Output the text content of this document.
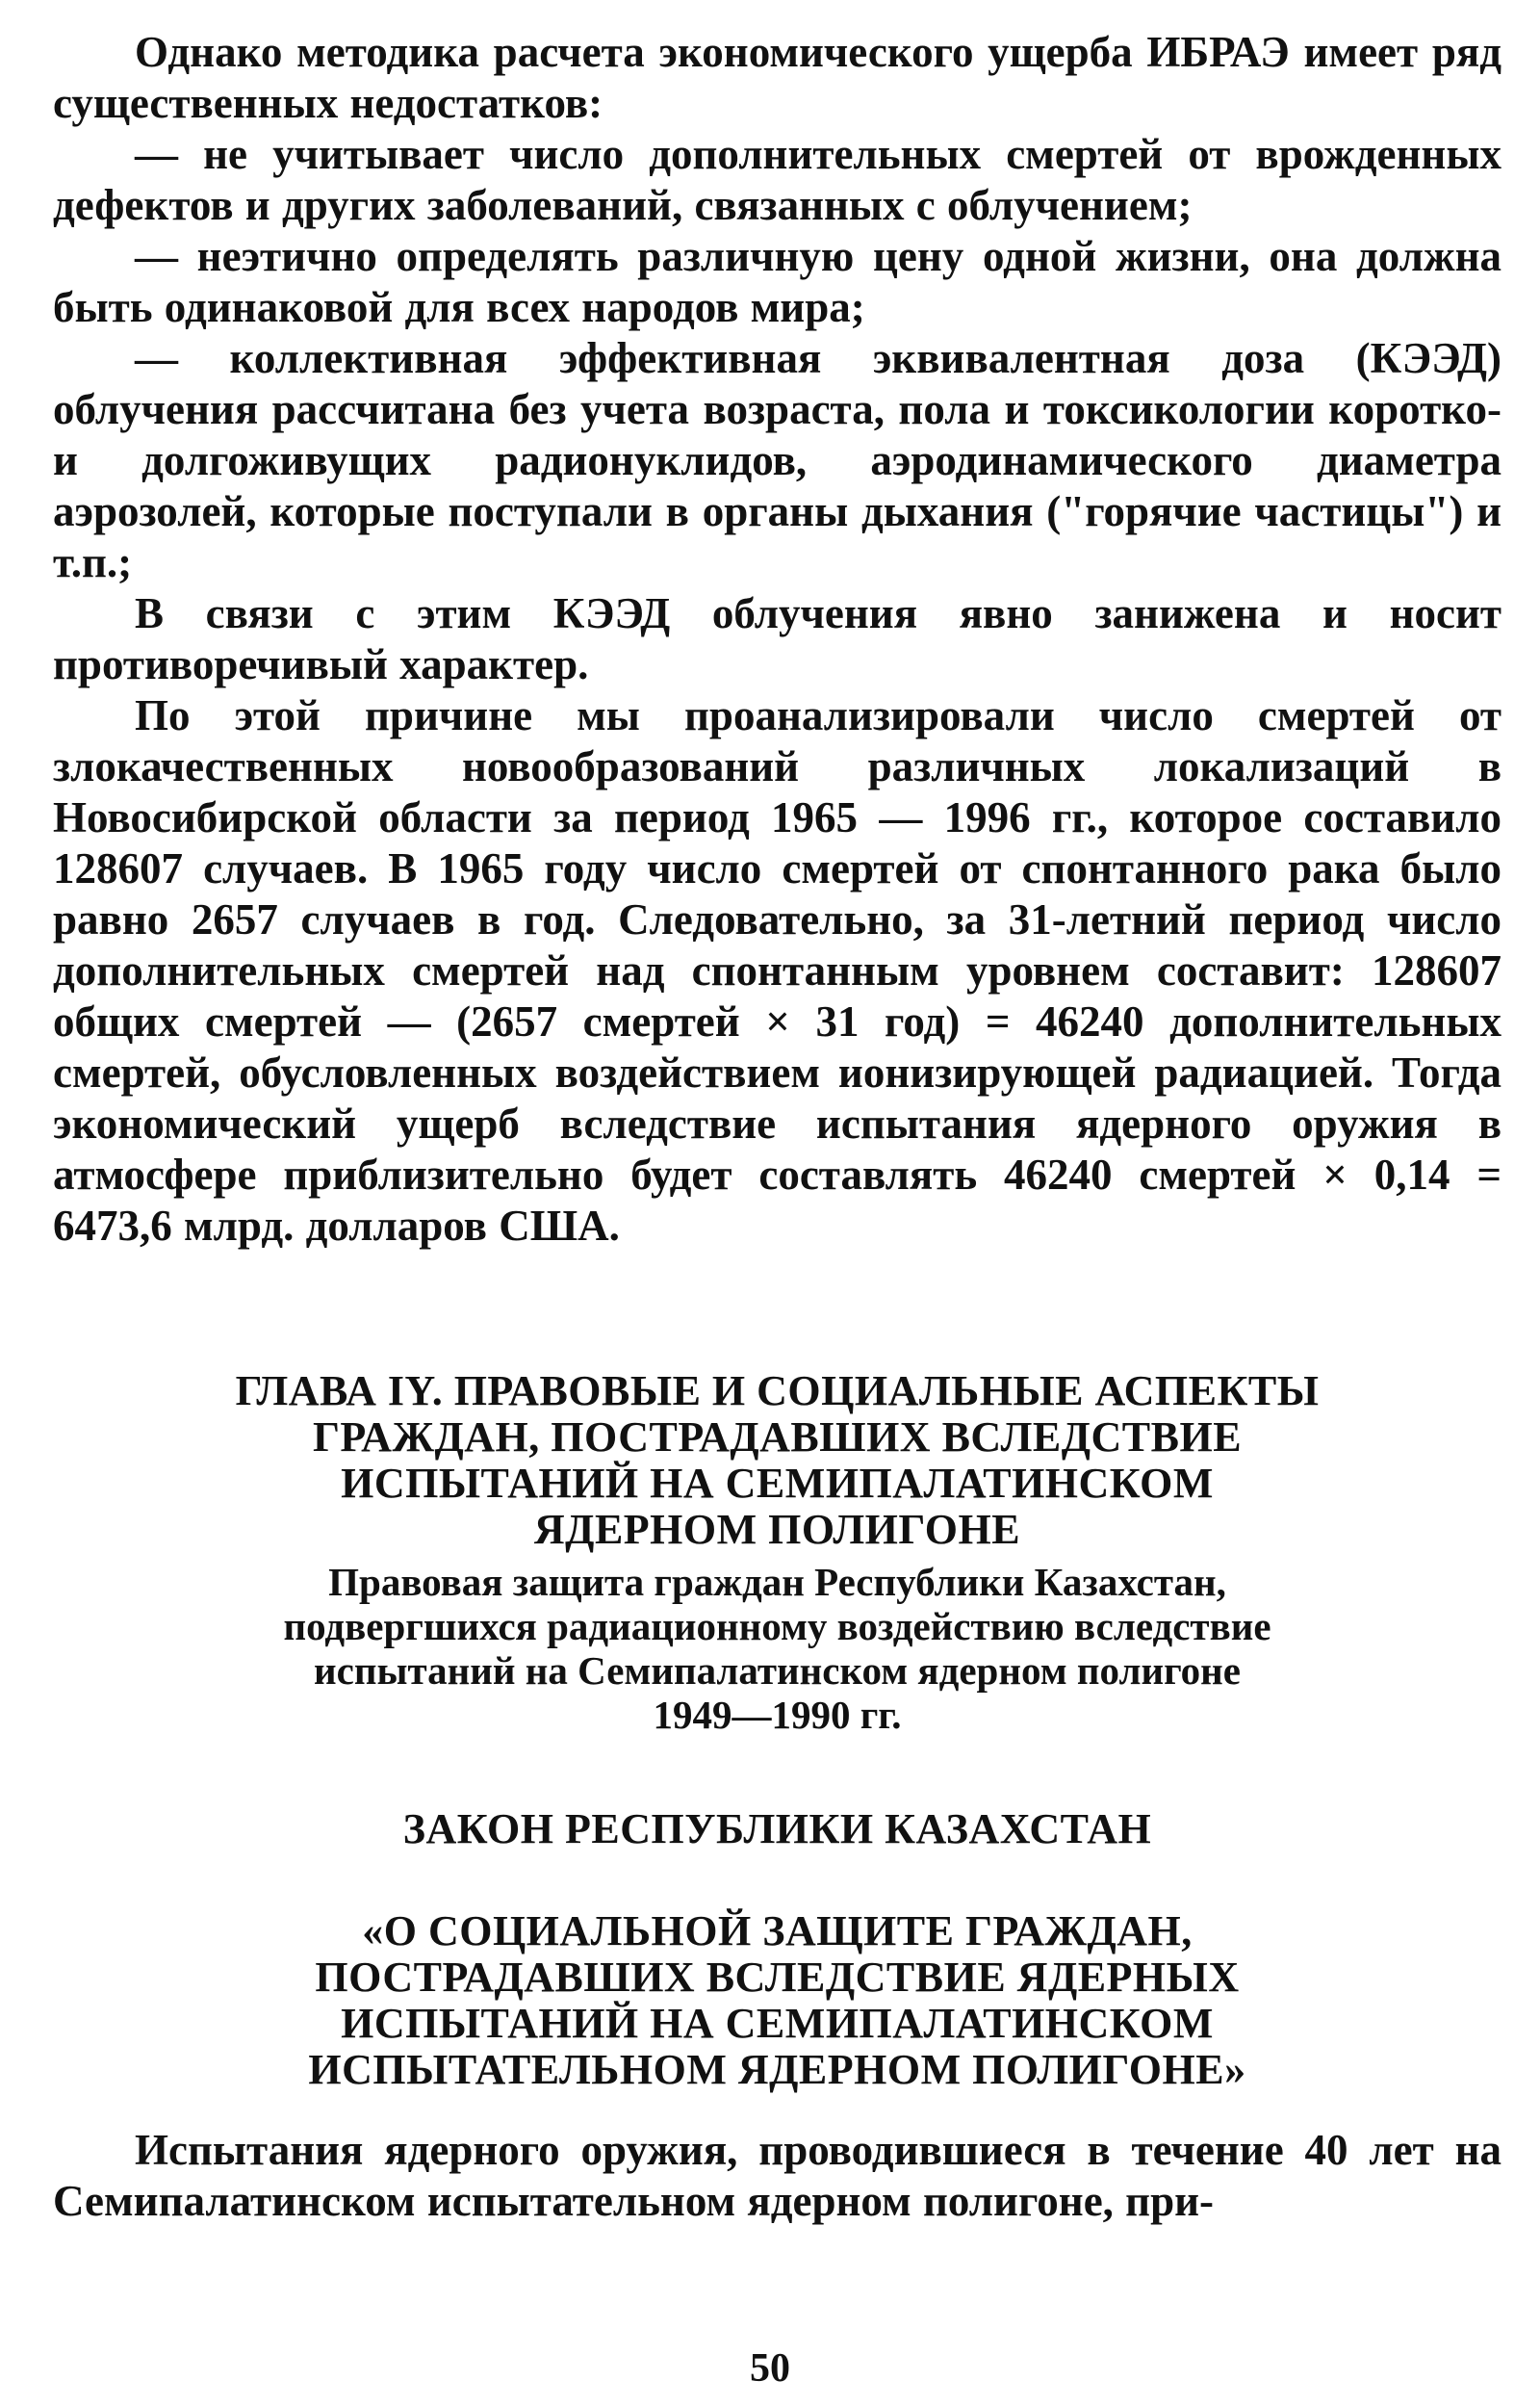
Однако методика расчета экономического ущерба ИБРАЭ имеет ряд существенных недостатков:

— не учитывает число дополнительных смертей от врожденных дефектов и других заболеваний, связанных с облучением;

— неэтично определять различную цену одной жизни, она должна быть одинаковой для всех народов мира;

— коллективная эффективная эквивалентная доза (КЭЭД) облучения рассчитана без учета возраста, пола и токсикологии коротко- и долгоживущих радионуклидов, аэродинамического диаметра аэрозолей, которые поступали в органы дыхания ("горячие частицы") и т.п.;

В связи с этим КЭЭД облучения явно занижена и носит противоречивый характер.

По этой причине мы проанализировали число смертей от злокачественных новообразований различных локализаций в Новосибирской области за период 1965 — 1996 гг., которое составило 128607 случаев. В 1965 году число смертей от спонтанного рака было равно 2657 случаев в год. Следовательно, за 31-летний период число дополнительных смертей над спонтанным уровнем составит: 128607 общих смертей — (2657 смертей × 31 год) = 46240 дополнительных смертей, обусловленных воздействием ионизирующей радиацией. Тогда экономический ущерб вследствие испытания ядерного оружия в атмосфере приблизительно будет составлять 46240 смертей × 0,14 = 6473,6 млрд. долларов США.

ГЛАВА IY. ПРАВОВЫЕ И СОЦИАЛЬНЫЕ АСПЕКТЫ

ГРАЖДАН, ПОСТРАДАВШИХ ВСЛЕДСТВИЕ

ИСПЫТАНИЙ НА СЕМИПАЛАТИНСКОМ

ЯДЕРНОМ ПОЛИГОНЕ

Правовая защита граждан Республики Казахстан,

подвергшихся радиационному воздействию вследствие

испытаний на Семипалатинском ядерном полигоне

1949—1990 гг.

ЗАКОН РЕСПУБЛИКИ КАЗАХСТАН

«О СОЦИАЛЬНОЙ ЗАЩИТЕ ГРАЖДАН,

ПОСТРАДАВШИХ ВСЛЕДСТВИЕ ЯДЕРНЫХ

ИСПЫТАНИЙ НА СЕМИПАЛАТИНСКОМ

ИСПЫТАТЕЛЬНОМ ЯДЕРНОМ ПОЛИГОНЕ»

Испытания ядерного оружия, проводившиеся в течение 40 лет на Семипалатинском испытательном ядерном полигоне, при-

50
